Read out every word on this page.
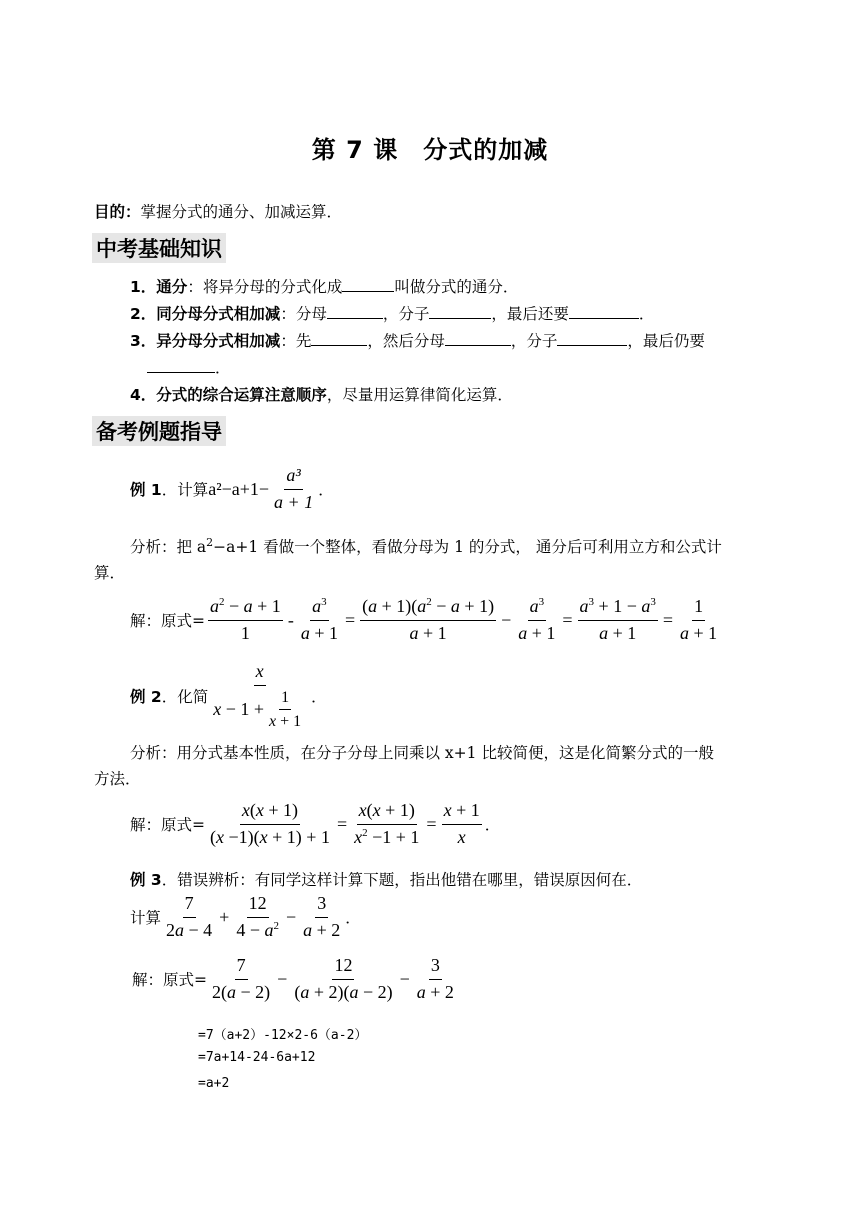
第 7 课　分式的加减
目的：掌握分式的通分、加减运算．
中考基础知识
1．通分：将异分母的分式化成	叫做分式的通分．
2．同分母分式相加减：分母	，分子	，最后还要	．
3．异分母分式相加减：先	，然后分母	，分子	，最后仍要
．
4．分式的综合运算注意顺序，尽量用运算律简化运算．
备考例题指导
例 1 ．计算 $a^2-a+1- \frac{\text{a³}}{a + 1}$ ．
分析：把 $a^2-a+1$ 看做一个整体，看做分母为 1 的分式， 通分后可利用立方和公式计
算．
解：原式= $\frac{a^2 - a + 1}{1} - \frac{a^3}{a + 1} = \frac{(a + 1)(a^2 - a + 1)}{a + 1} - \frac{a^3}{a + 1} = \frac{a^3 + 1 - a^3}{a + 1} = \frac{1}{a + 1}$
例 2 ．化简 $\frac{x}{x - 1 + \frac{1}{x + 1}}$ ．
分析：用分式基本性质，在分子分母上同乘以 x+1 比较简便，这是化简繁分式的一般
方法．
解：原式= $\frac{x(x + 1)}{(x -1)(x + 1) + 1} = \frac{x(x + 1)}{x^2 -1 + 1} = \frac{x + 1}{x}$ ．
例 3．错误辨析：有同学这样计算下题，指出他错在哪里，错误原因何在．
计算 $\frac{7}{2a - 4} + \frac{12}{4 - a^2} - \frac{3}{a + 2}$ ．
解：原式= $\frac{7}{2(a - 2)} - \frac{12}{(a + 2)(a - 2)} - \frac{3}{a + 2}$
=7（a+2）-12×2-6（a-2）
=7a+14-24-6a+12
=a+2
